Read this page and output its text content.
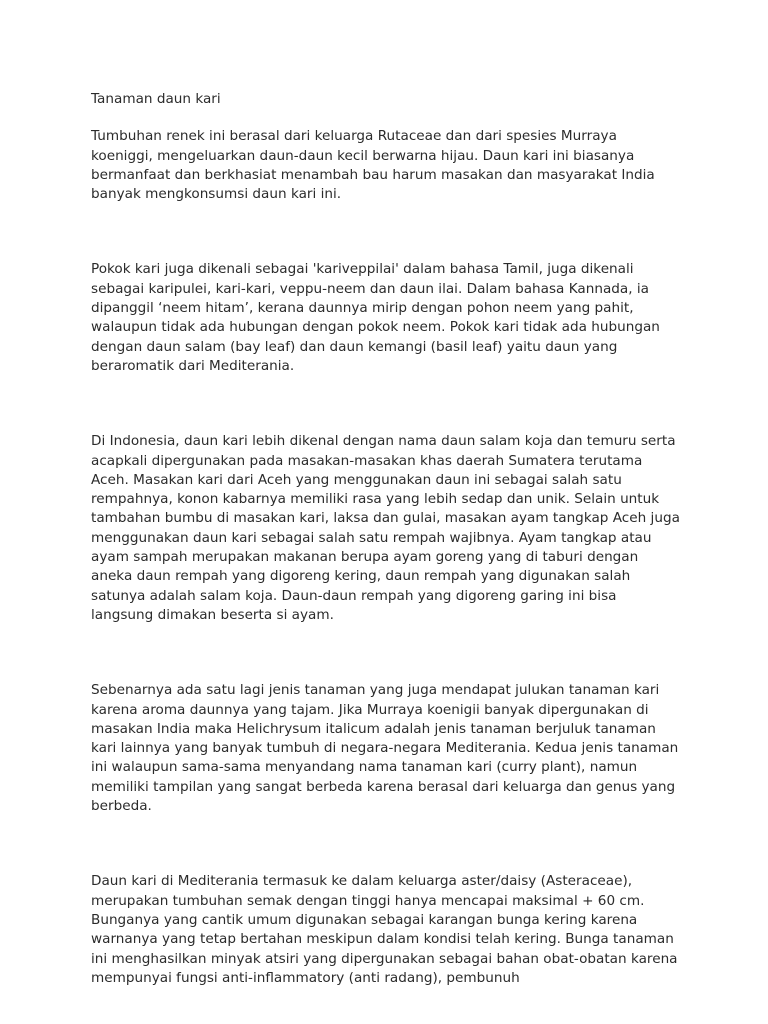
Tanaman daun kari

Tumbuhan renek ini berasal dari keluarga Rutaceae dan dari spesies Murraya koeniggi, mengeluarkan daun-daun kecil berwarna hijau. Daun kari ini biasanya bermanfaat dan berkhasiat menambah bau harum masakan dan masyarakat India banyak mengkonsumsi daun kari ini.

Pokok kari juga dikenali sebagai 'kariveppilai' dalam bahasa Tamil, juga dikenali sebagai karipulei, kari-kari, veppu-neem dan daun ilai. Dalam bahasa Kannada, ia dipanggil ‘neem hitam’, kerana daunnya mirip dengan pohon neem yang pahit, walaupun tidak ada hubungan dengan pokok neem. Pokok kari tidak ada hubungan dengan daun salam (bay leaf) dan daun kemangi (basil leaf) yaitu daun yang beraromatik dari Mediterania.

Di Indonesia, daun kari lebih dikenal dengan nama daun salam koja dan temuru serta acapkali dipergunakan pada masakan-masakan khas daerah Sumatera terutama Aceh. Masakan kari dari Aceh yang menggunakan daun ini sebagai salah satu rempahnya, konon kabarnya memiliki rasa yang lebih sedap dan unik. Selain untuk tambahan bumbu di masakan kari, laksa dan gulai, masakan ayam tangkap Aceh juga menggunakan daun kari sebagai salah satu rempah wajibnya. Ayam tangkap atau ayam sampah merupakan makanan berupa ayam goreng yang di taburi dengan aneka daun rempah yang digoreng kering, daun rempah yang digunakan salah satunya adalah salam koja. Daun-daun rempah yang digoreng garing ini bisa langsung dimakan beserta si ayam.

Sebenarnya ada satu lagi jenis tanaman yang juga mendapat julukan tanaman kari karena aroma daunnya yang tajam. Jika Murraya koenigii banyak dipergunakan di masakan India maka Helichrysum italicum adalah jenis tanaman berjuluk tanaman kari lainnya yang banyak tumbuh di negara-negara Mediterania. Kedua jenis tanaman ini walaupun sama-sama menyandang nama tanaman kari (curry plant), namun memiliki tampilan yang sangat berbeda karena berasal dari keluarga dan genus yang berbeda.

Daun kari di Mediterania termasuk ke dalam keluarga aster/daisy (Asteraceae), merupakan tumbuhan semak dengan tinggi hanya mencapai maksimal + 60 cm. Bunganya yang cantik umum digunakan sebagai karangan bunga kering karena warnanya yang tetap bertahan meskipun dalam kondisi telah kering. Bunga tanaman ini menghasilkan minyak atsiri yang dipergunakan sebagai bahan obat-obatan karena mempunyai fungsi anti-inflammatory (anti radang), pembunuh
